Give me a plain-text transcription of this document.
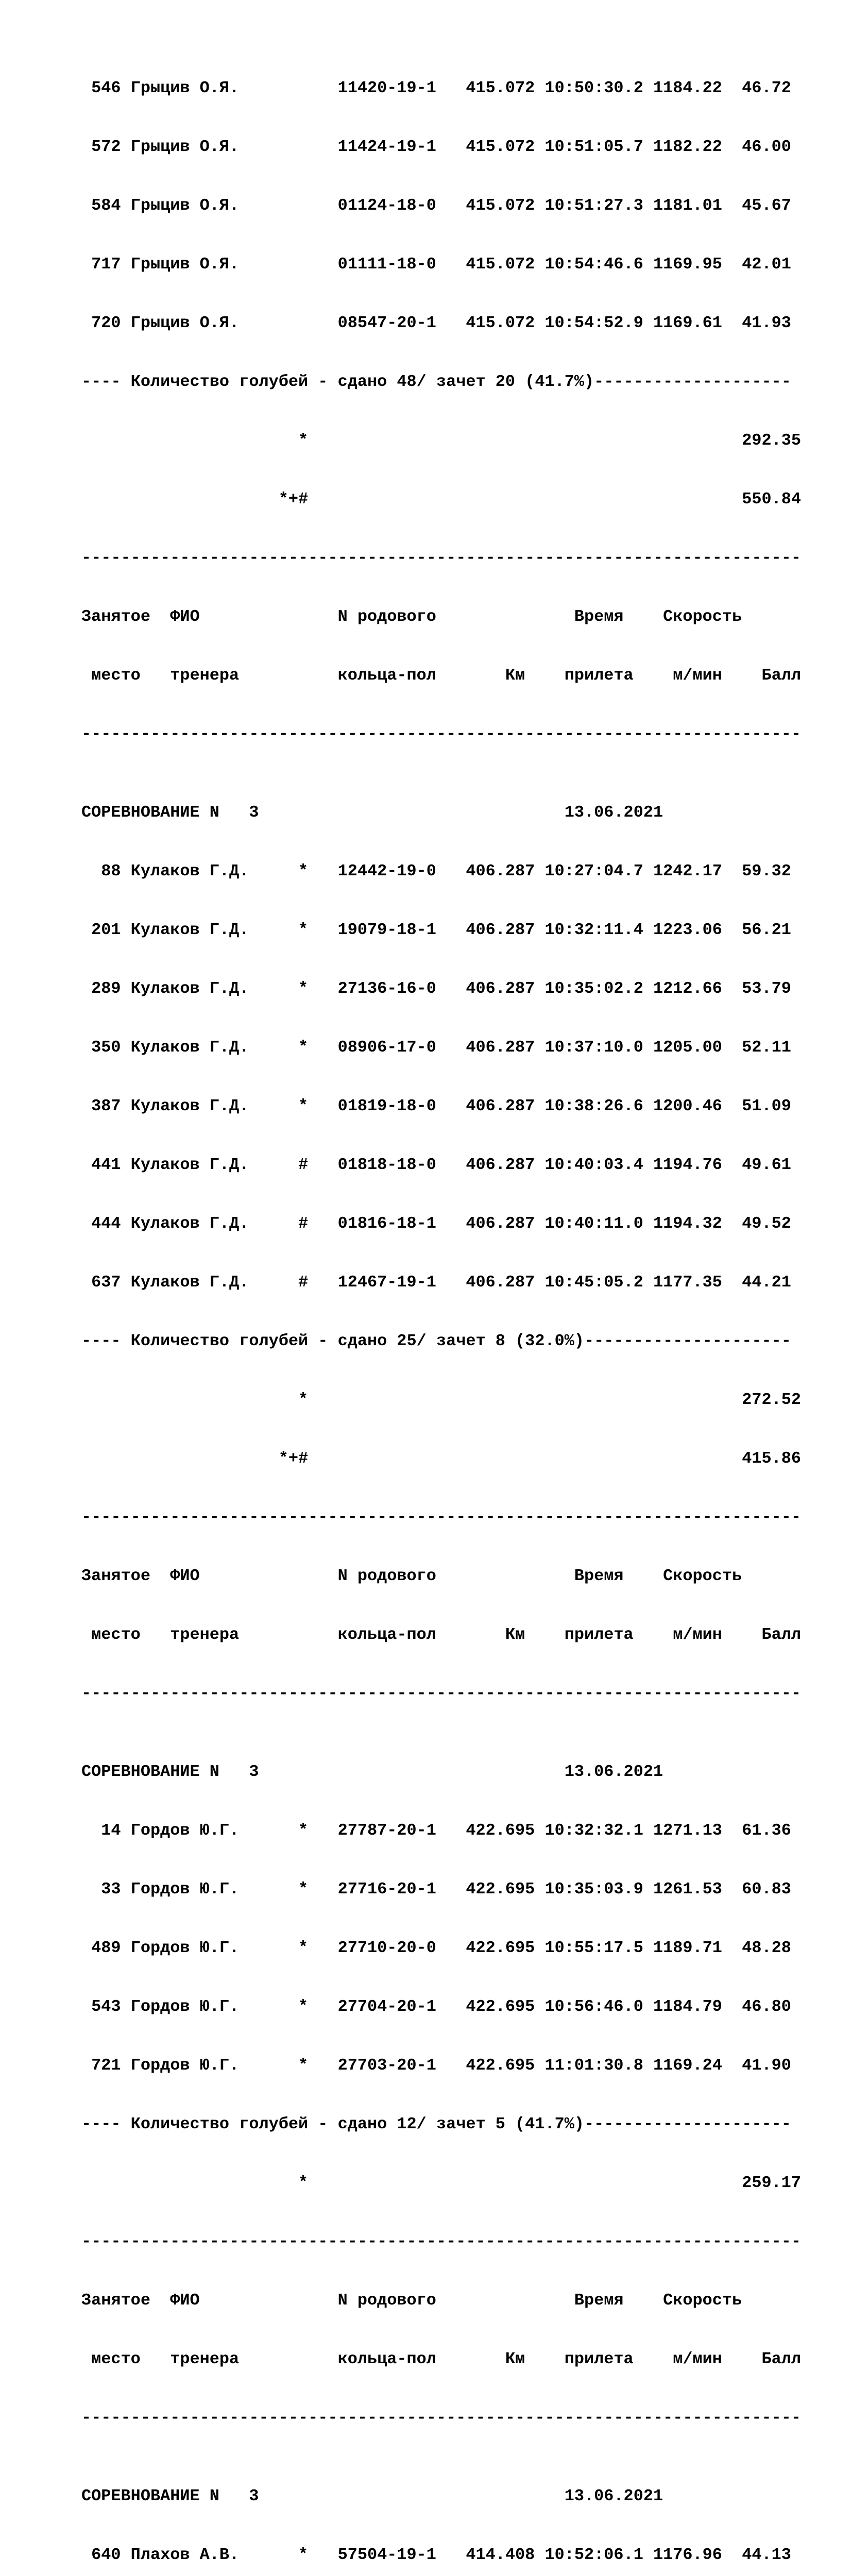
546 Грыцив О.Я.          11420-19-1   415.072 10:50:30.2 1184.22  46.72

572 Грыцив О.Я.          11424-19-1   415.072 10:51:05.7 1182.22  46.00

584 Грыцив О.Я.          01124-18-0   415.072 10:51:27.3 1181.01  45.67

717 Грыцив О.Я.          01111-18-0   415.072 10:54:46.6 1169.95  42.01

720 Грыцив О.Я.          08547-20-1   415.072 10:54:52.9 1169.61  41.93

---- Количество голубей - сдано 48/ зачет 20 (41.7%)--------------------

*                                            292.35

*+#                                            550.84

-------------------------------------------------------------------------

Занятое  ФИО              N родового              Время    Скорость

место   тренера          кольца-пол       Км    прилета    м/мин    Балл

-------------------------------------------------------------------------

СОРЕВНОВАНИЕ N   3                               13.06.2021

88 Кулаков Г.Д.     *   12442-19-0   406.287 10:27:04.7 1242.17  59.32

201 Кулаков Г.Д.     *   19079-18-1   406.287 10:32:11.4 1223.06  56.21

289 Кулаков Г.Д.     *   27136-16-0   406.287 10:35:02.2 1212.66  53.79

350 Кулаков Г.Д.     *   08906-17-0   406.287 10:37:10.0 1205.00  52.11

387 Кулаков Г.Д.     *   01819-18-0   406.287 10:38:26.6 1200.46  51.09

441 Кулаков Г.Д.     #   01818-18-0   406.287 10:40:03.4 1194.76  49.61

444 Кулаков Г.Д.     #   01816-18-1   406.287 10:40:11.0 1194.32  49.52

637 Кулаков Г.Д.     #   12467-19-1   406.287 10:45:05.2 1177.35  44.21

---- Количество голубей - сдано 25/ зачет 8 (32.0%)---------------------

*                                            272.52

*+#                                            415.86

-------------------------------------------------------------------------

Занятое  ФИО              N родового              Время    Скорость

место   тренера          кольца-пол       Км    прилета    м/мин    Балл

-------------------------------------------------------------------------

СОРЕВНОВАНИЕ N   3                               13.06.2021

14 Гордов Ю.Г.      *   27787-20-1   422.695 10:32:32.1 1271.13  61.36

33 Гордов Ю.Г.      *   27716-20-1   422.695 10:35:03.9 1261.53  60.83

489 Гордов Ю.Г.      *   27710-20-0   422.695 10:55:17.5 1189.71  48.28

543 Гордов Ю.Г.      *   27704-20-1   422.695 10:56:46.0 1184.79  46.80

721 Гордов Ю.Г.      *   27703-20-1   422.695 11:01:30.8 1169.24  41.90

---- Количество голубей - сдано 12/ зачет 5 (41.7%)---------------------

*                                            259.17

-------------------------------------------------------------------------

Занятое  ФИО              N родового              Время    Скорость

место   тренера          кольца-пол       Км    прилета    м/мин    Балл

-------------------------------------------------------------------------

СОРЕВНОВАНИЕ N   3                               13.06.2021

640 Плахов А.В.      *   57504-19-1   414.408 10:52:06.1 1176.96  44.13
